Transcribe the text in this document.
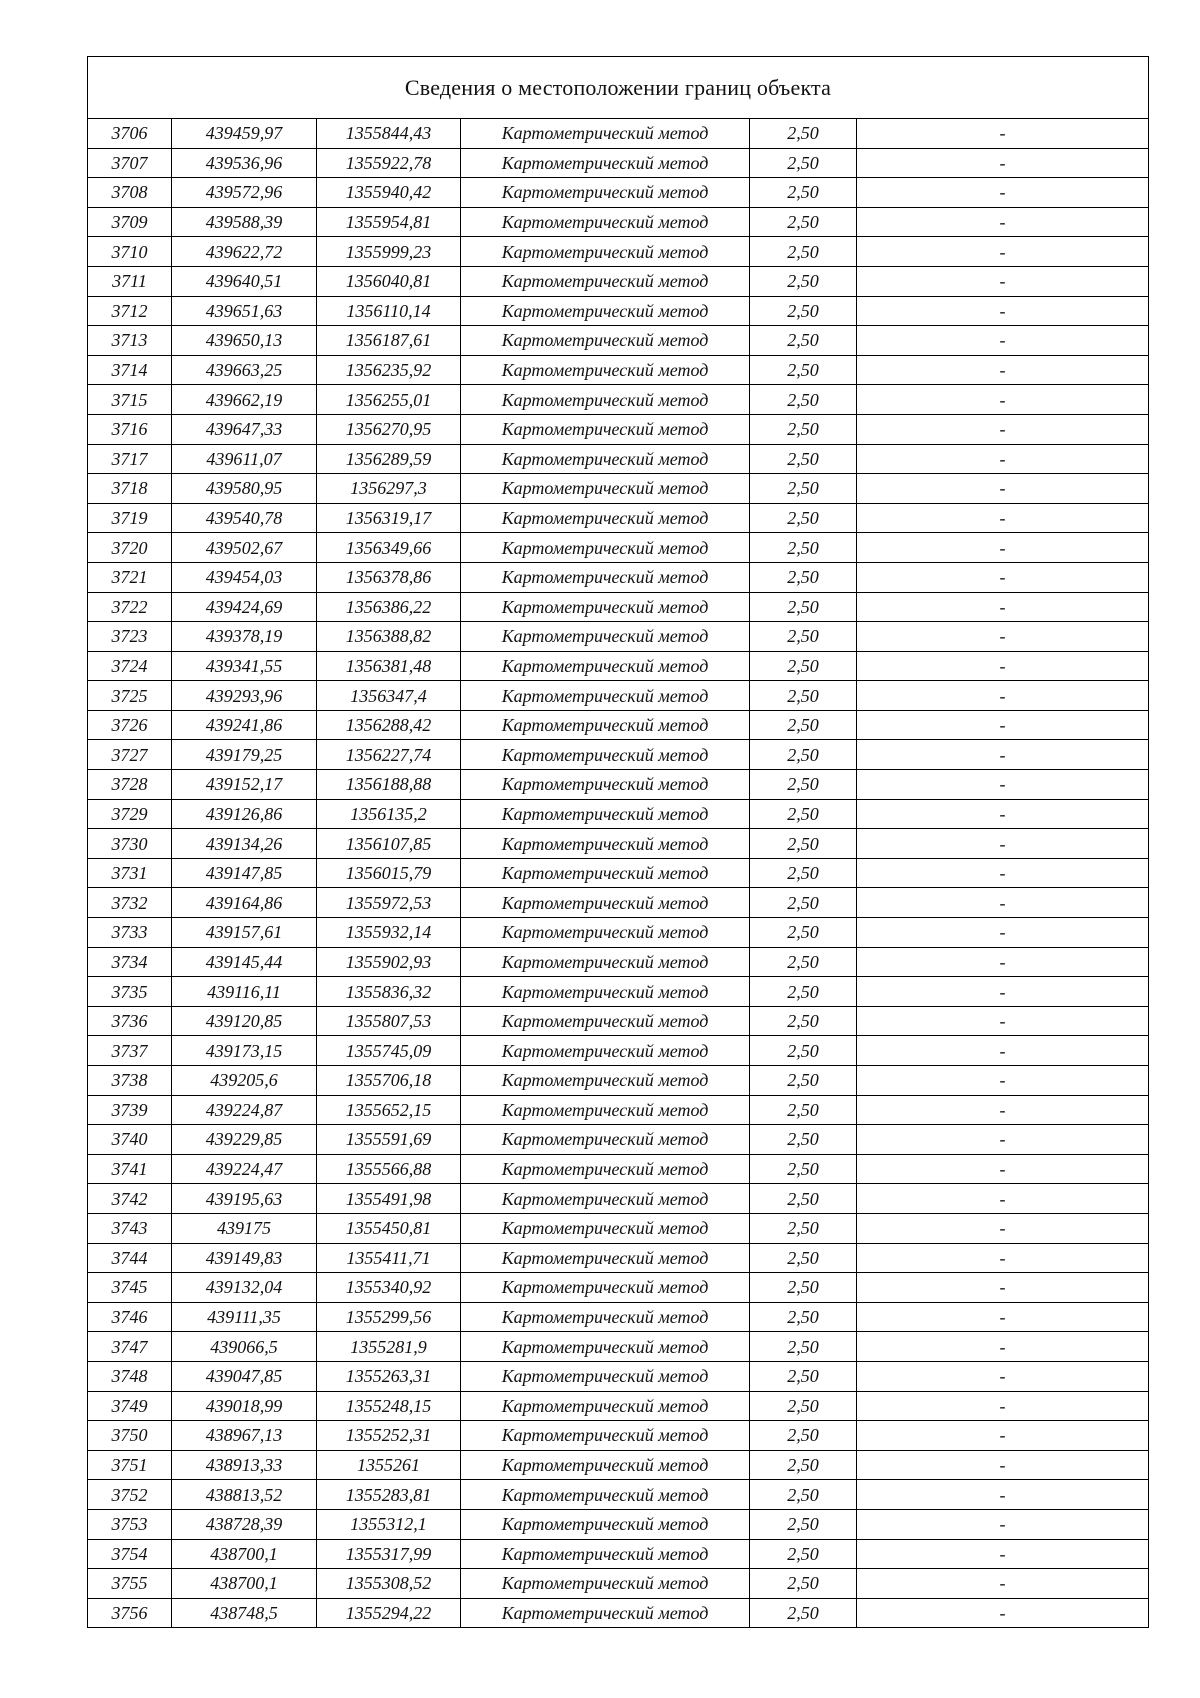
Сведения о местоположении границ объекта					
3706	439459,97	1355844,43	Картометрический метод	2,50	-
3707	439536,96	1355922,78	Картометрический метод	2,50	-
3708	439572,96	1355940,42	Картометрический метод	2,50	-
3709	439588,39	1355954,81	Картометрический метод	2,50	-
3710	439622,72	1355999,23	Картометрический метод	2,50	-
3711	439640,51	1356040,81	Картометрический метод	2,50	-
3712	439651,63	1356110,14	Картометрический метод	2,50	-
3713	439650,13	1356187,61	Картометрический метод	2,50	-
3714	439663,25	1356235,92	Картометрический метод	2,50	-
3715	439662,19	1356255,01	Картометрический метод	2,50	-
3716	439647,33	1356270,95	Картометрический метод	2,50	-
3717	439611,07	1356289,59	Картометрический метод	2,50	-
3718	439580,95	1356297,3	Картометрический метод	2,50	-
3719	439540,78	1356319,17	Картометрический метод	2,50	-
3720	439502,67	1356349,66	Картометрический метод	2,50	-
3721	439454,03	1356378,86	Картометрический метод	2,50	-
3722	439424,69	1356386,22	Картометрический метод	2,50	-
3723	439378,19	1356388,82	Картометрический метод	2,50	-
3724	439341,55	1356381,48	Картометрический метод	2,50	-
3725	439293,96	1356347,4	Картометрический метод	2,50	-
3726	439241,86	1356288,42	Картометрический метод	2,50	-
3727	439179,25	1356227,74	Картометрический метод	2,50	-
3728	439152,17	1356188,88	Картометрический метод	2,50	-
3729	439126,86	1356135,2	Картометрический метод	2,50	-
3730	439134,26	1356107,85	Картометрический метод	2,50	-
3731	439147,85	1356015,79	Картометрический метод	2,50	-
3732	439164,86	1355972,53	Картометрический метод	2,50	-
3733	439157,61	1355932,14	Картометрический метод	2,50	-
3734	439145,44	1355902,93	Картометрический метод	2,50	-
3735	439116,11	1355836,32	Картометрический метод	2,50	-
3736	439120,85	1355807,53	Картометрический метод	2,50	-
3737	439173,15	1355745,09	Картометрический метод	2,50	-
3738	439205,6	1355706,18	Картометрический метод	2,50	-
3739	439224,87	1355652,15	Картометрический метод	2,50	-
3740	439229,85	1355591,69	Картометрический метод	2,50	-
3741	439224,47	1355566,88	Картометрический метод	2,50	-
3742	439195,63	1355491,98	Картометрический метод	2,50	-
3743	439175	1355450,81	Картометрический метод	2,50	-
3744	439149,83	1355411,71	Картометрический метод	2,50	-
3745	439132,04	1355340,92	Картометрический метод	2,50	-
3746	439111,35	1355299,56	Картометрический метод	2,50	-
3747	439066,5	1355281,9	Картометрический метод	2,50	-
3748	439047,85	1355263,31	Картометрический метод	2,50	-
3749	439018,99	1355248,15	Картометрический метод	2,50	-
3750	438967,13	1355252,31	Картометрический метод	2,50	-
3751	438913,33	1355261	Картометрический метод	2,50	-
3752	438813,52	1355283,81	Картометрический метод	2,50	-
3753	438728,39	1355312,1	Картометрический метод	2,50	-
3754	438700,1	1355317,99	Картометрический метод	2,50	-
3755	438700,1	1355308,52	Картометрический метод	2,50	-
3756	438748,5	1355294,22	Картометрический метод	2,50	-
